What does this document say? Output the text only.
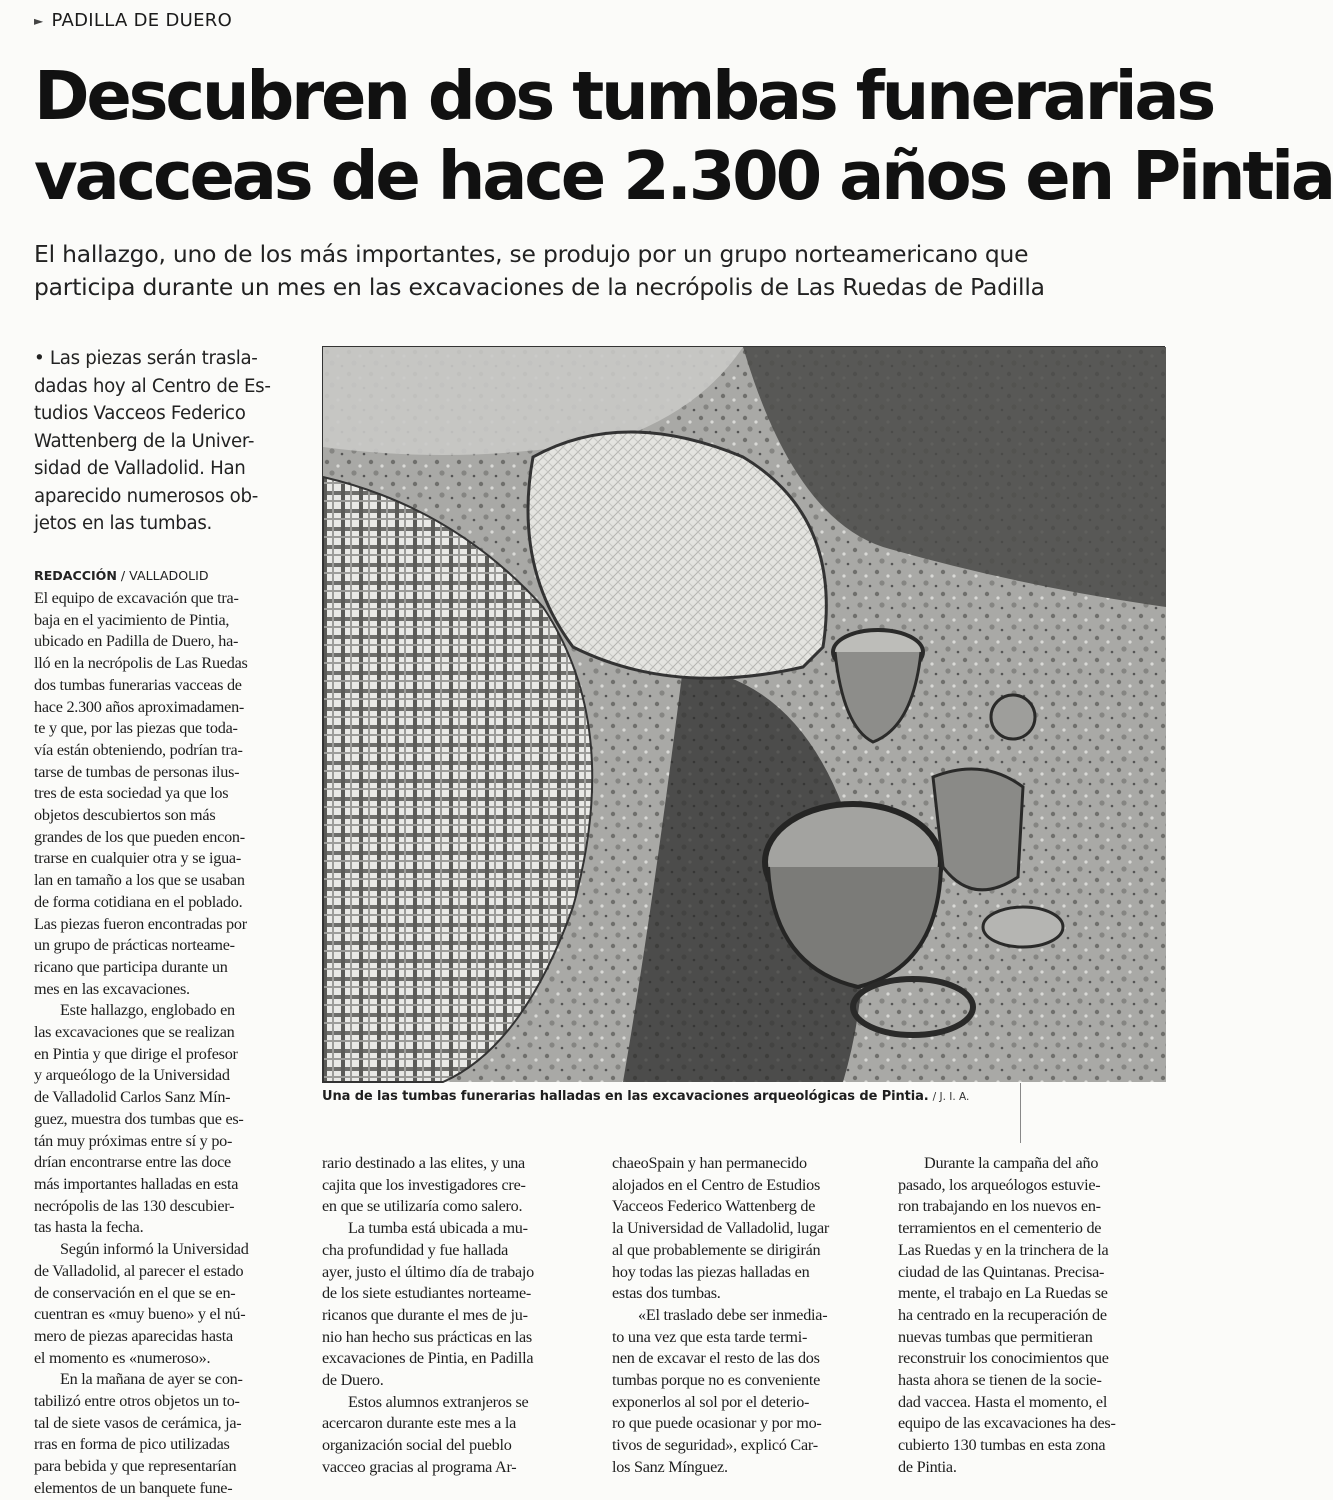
► PADILLA DE DUERO
Descubren dos tumbas funerarias
vacceas de hace 2.300 años en Pintia
El hallazgo, uno de los más importantes, se produjo por un grupo norteamericano que
participa durante un mes en las excavaciones de la necrópolis de Las Ruedas de Padilla
• Las piezas serán trasla-
dadas hoy al Centro de Es-
tudios Vacceos Federico
Wattenberg de la Univer-
sidad de Valladolid. Han
aparecido numerosos ob-
jetos en las tumbas.
REDACCIÓN / VALLADOLID
El equipo de excavación que tra-
baja en el yacimiento de Pintia,
ubicado en Padilla de Duero, ha-
lló en la necrópolis de Las Ruedas
dos tumbas funerarias vacceas de
hace 2.300 años aproximadamen-
te y que, por las piezas que toda-
vía están obteniendo, podrían tra-
tarse de tumbas de personas ilus-
tres de esta sociedad ya que los
objetos descubiertos son más
grandes de los que pueden encon-
trarse en cualquier otra y se igua-
lan en tamaño a los que se usaban
de forma cotidiana en el poblado.
Las piezas fueron encontradas por
un grupo de prácticas norteame-
ricano que participa durante un
mes en las excavaciones.
Este hallazgo, englobado en
las excavaciones que se realizan
en Pintia y que dirige el profesor
y arqueólogo de la Universidad
de Valladolid Carlos Sanz Mín-
guez, muestra dos tumbas que es-
tán muy próximas entre sí y po-
drían encontrarse entre las doce
más importantes halladas en esta
necrópolis de las 130 descubier-
tas hasta la fecha.
Según informó la Universidad
de Valladolid, al parecer el estado
de conservación en el que se en-
cuentran es «muy bueno» y el nú-
mero de piezas aparecidas hasta
el momento es «numeroso».
En la mañana de ayer se con-
tabilizó entre otros objetos un to-
tal de siete vasos de cerámica, ja-
rras en forma de pico utilizadas
para bebida y que representarían
elementos de un banquete fune-
Una de las tumbas funerarias halladas en las excavaciones arqueológicas de Pintia. / J. I. A.
rario destinado a las elites, y una
cajita que los investigadores cre-
en que se utilizaría como salero.
La tumba está ubicada a mu-
cha profundidad y fue hallada
ayer, justo el último día de trabajo
de los siete estudiantes norteame-
ricanos que durante el mes de ju-
nio han hecho sus prácticas en las
excavaciones de Pintia, en Padilla
de Duero.
Estos alumnos extranjeros se
acercaron durante este mes a la
organización social del pueblo
vacceo gracias al programa Ar-
chaeoSpain y han permanecido
alojados en el Centro de Estudios
Vacceos Federico Wattenberg de
la Universidad de Valladolid, lugar
al que probablemente se dirigirán
hoy todas las piezas halladas en
estas dos tumbas.
«El traslado debe ser inmedia-
to una vez que esta tarde termi-
nen de excavar el resto de las dos
tumbas porque no es conveniente
exponerlos al sol por el deterio-
ro que puede ocasionar y por mo-
tivos de seguridad», explicó Car-
los Sanz Mínguez.
Durante la campaña del año
pasado, los arqueólogos estuvie-
ron trabajando en los nuevos en-
terramientos en el cementerio de
Las Ruedas y en la trinchera de la
ciudad de las Quintanas. Precisa-
mente, el trabajo en La Ruedas se
ha centrado en la recuperación de
nuevas tumbas que permitieran
reconstruir los conocimientos que
hasta ahora se tienen de la socie-
dad vaccea. Hasta el momento, el
equipo de las excavaciones ha des-
cubierto 130 tumbas en esta zona
de Pintia.
